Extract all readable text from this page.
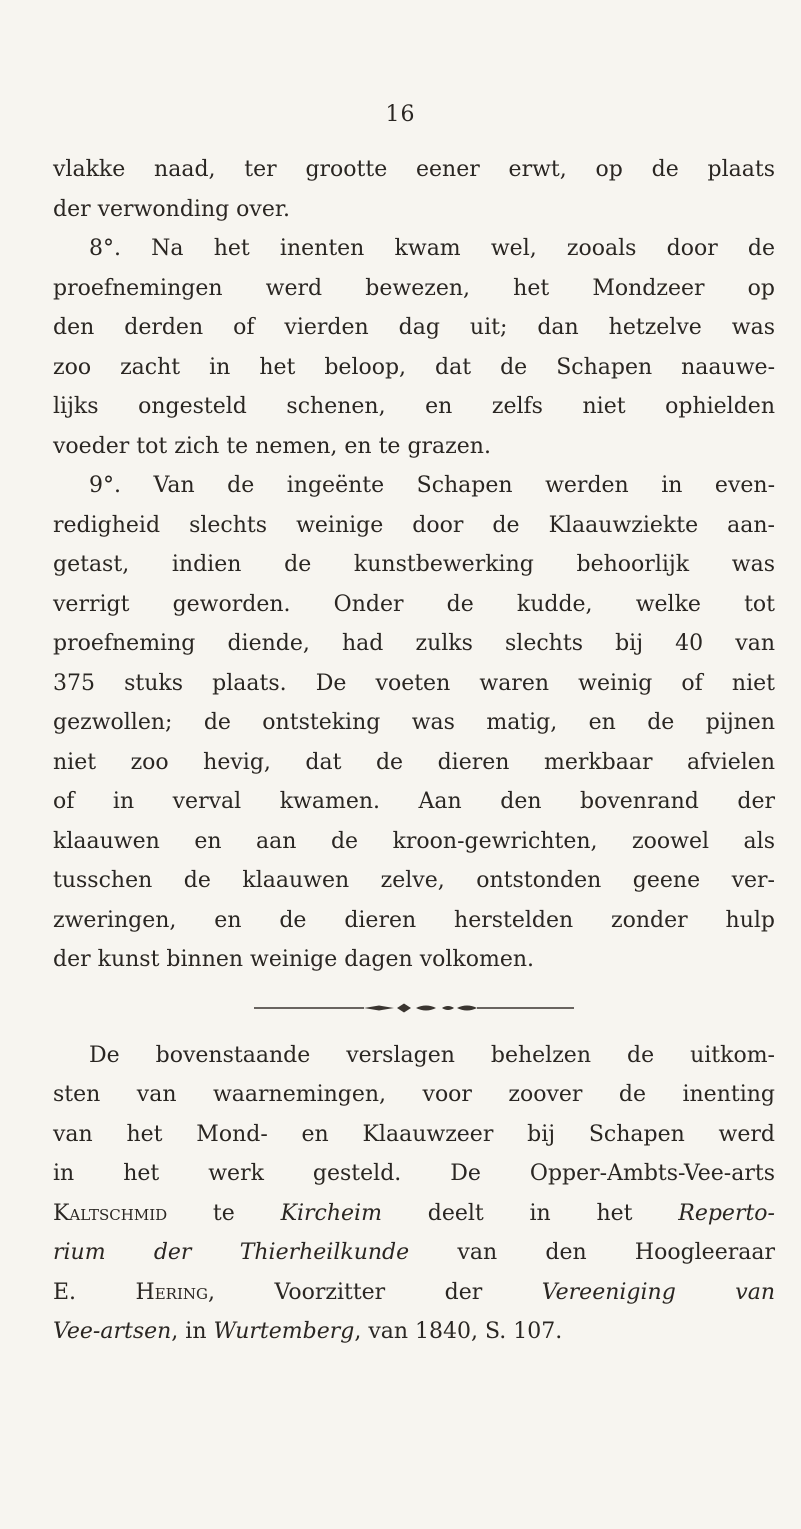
16
vlakke naad, ter grootte eener erwt, op de plaats
der verwonding over.
8°. Na het inenten kwam wel, zooals door de
proefnemingen werd bewezen, het Mondzeer op
den derden of vierden dag uit; dan hetzelve was
zoo zacht in het beloop, dat de Schapen naauwe-
lijks ongesteld schenen, en zelfs niet ophielden
voeder tot zich te nemen, en te grazen.
9°. Van de ingeënte Schapen werden in even-
redigheid slechts weinige door de Klaauwziekte aan-
getast, indien de kunstbewerking behoorlijk was
verrigt geworden. Onder de kudde, welke tot
proefneming diende, had zulks slechts bij 40 van
375 stuks plaats. De voeten waren weinig of niet
gezwollen; de ontsteking was matig, en de pijnen
niet zoo hevig, dat de dieren merkbaar afvielen
of in verval kwamen. Aan den bovenrand der
klaauwen en aan de kroon-gewrichten, zoowel als
tusschen de klaauwen zelve, ontstonden geene ver-
zweringen, en de dieren herstelden zonder hulp
der kunst binnen weinige dagen volkomen.
De bovenstaande verslagen behelzen de uitkom-
sten van waarnemingen, voor zoover de inenting
van het Mond- en Klaauwzeer bij Schapen werd
in het werk gesteld. De Opper-Ambts-Vee-arts
Kaltschmid te Kircheim deelt in het Reperto-
rium der Thierheilkunde van den Hoogleeraar
E.	Hering, Voorzitter der	Vereeniging van
Vee-artsen, in Wurtemberg, van 1840, S. 107.
